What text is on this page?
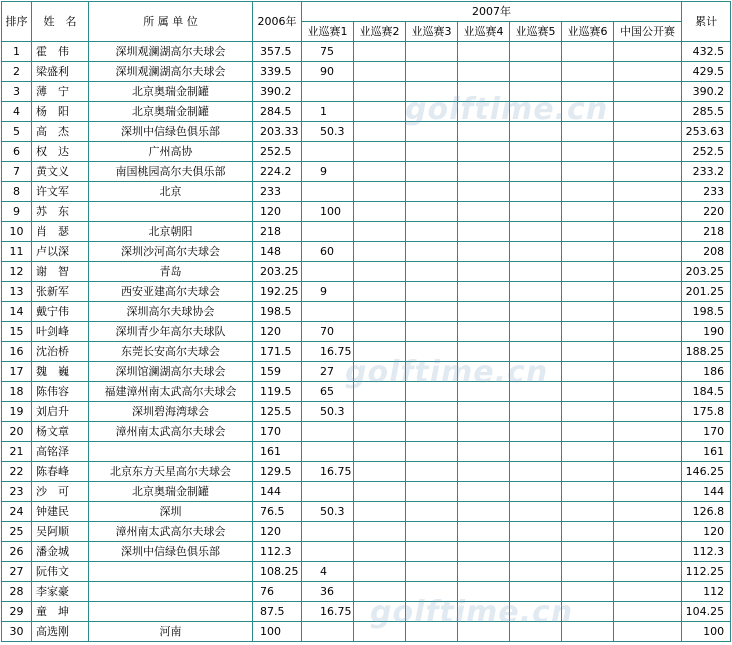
排序	姓　名	所 属 单 位	2006年	2007年							累计
				业巡赛1	业巡赛2	业巡赛3	业巡赛4	业巡赛5	业巡赛6	中国公开赛	
1	霍　伟	深圳观澜湖高尔夫球会	357.5	75							432.5
2	梁盛利	深圳观澜湖高尔夫球会	339.5	90							429.5
3	薄　宁	北京奥瑞金制罐	390.2								390.2
4	杨　阳	北京奥瑞金制罐	284.5	1							285.5
5	高　杰	深圳中信绿色俱乐部	203.33	50.3							253.63
6	权　达	广州高协	252.5								252.5
7	黄文义	南国桃园高尔夫俱乐部	224.2	9							233.2
8	许文军	北京	233								233
9	苏　东		120	100							220
10	肖　瑟	北京朝阳	218								218
11	卢以深	深圳沙河高尔夫球会	148	60							208
12	谢　智	青岛	203.25								203.25
13	张新军	西安亚建高尔夫球会	192.25	9							201.25
14	戴宁伟	深圳高尔夫球协会	198.5								198.5
15	叶剑峰	深圳青少年高尔夫球队	120	70							190
16	沈治桥	东莞长安高尔夫球会	171.5	16.75							188.25
17	魏　巍	深圳馆澜湖高尔夫球会	159	27							186
18	陈伟容	福建漳州南太武高尔夫球会	119.5	65							184.5
19	刘启升	深圳碧海湾球会	125.5	50.3							175.8
20	杨文章	漳州南太武高尔夫球会	170								170
21	高铭泽		161								161
22	陈春峰	北京东方天星高尔夫球会	129.5	16.75							146.25
23	沙　可	北京奥瑞金制罐	144								144
24	钟建民	深圳	76.5	50.3							126.8
25	吴阿顺	漳州南太武高尔夫球会	120								120
26	潘金城	深圳中信绿色俱乐部	112.3								112.3
27	阮伟文		108.25	4							112.25
28	李家豪		76	36							112
29	童　坤		87.5	16.75							104.25
30	高选刚	河南	100								100
golftime.cn
golftime.cn
golftime.cn
